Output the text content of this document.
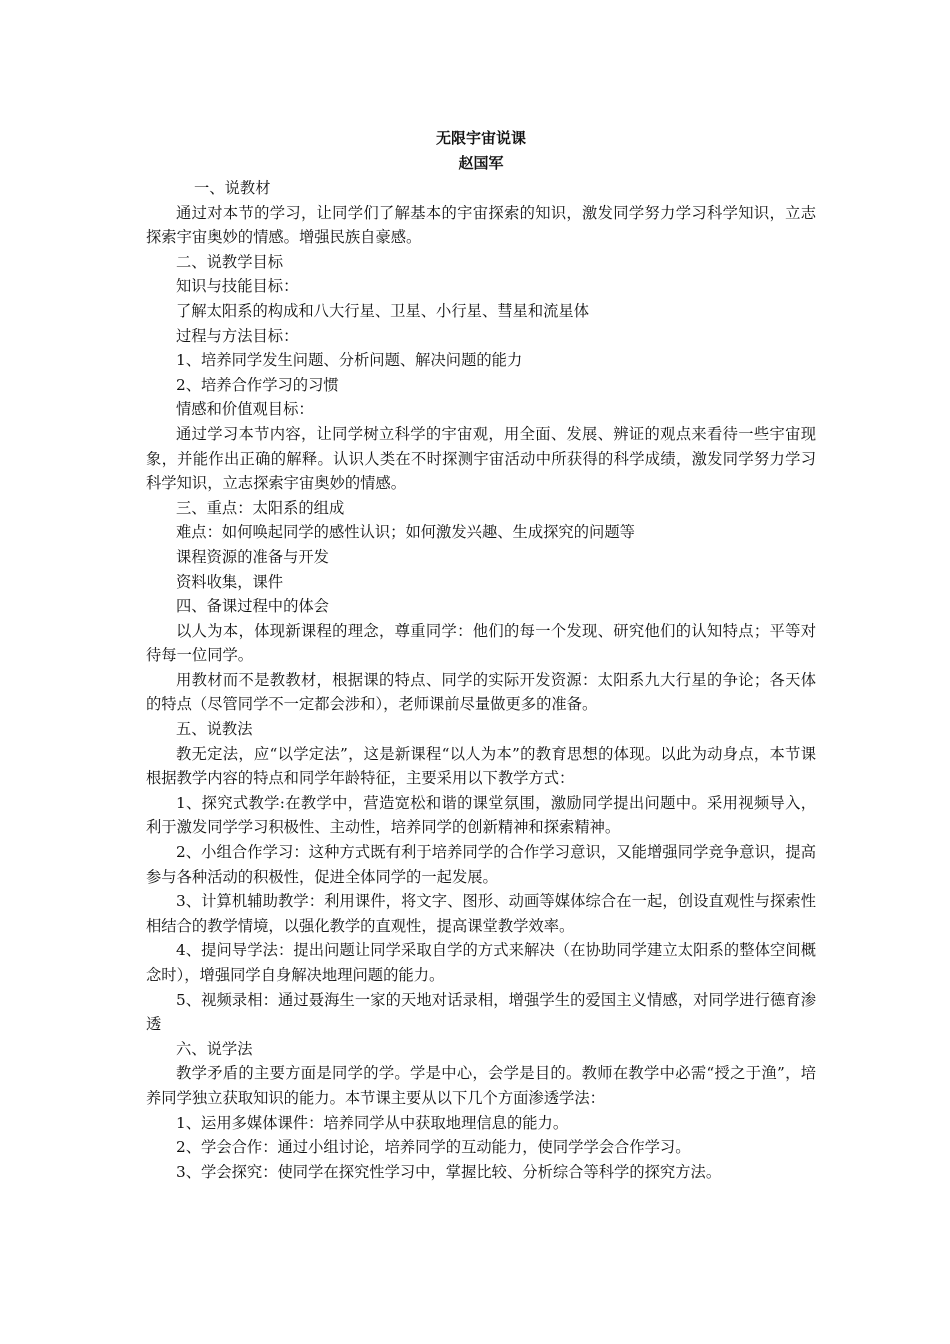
无限宇宙说课
赵国军

一、说教材

通过对本节的学习，让同学们了解基本的宇宙探索的知识，激发同学努力学习科学知识，立志探索宇宙奥妙的情感。增强民族自豪感。

二、说教学目标

知识与技能目标：

了解太阳系的构成和八大行星、卫星、小行星、彗星和流星体

过程与方法目标：

1、培养同学发生问题、分析问题、解决问题的能力

2、培养合作学习的习惯

情感和价值观目标：

通过学习本节内容，让同学树立科学的宇宙观，用全面、发展、辨证的观点来看待一些宇宙现象，并能作出正确的解释。认识人类在不时探测宇宙活动中所获得的科学成绩，激发同学努力学习科学知识，立志探索宇宙奥妙的情感。

三、重点：太阳系的组成

难点：如何唤起同学的感性认识；如何激发兴趣、生成探究的问题等

课程资源的准备与开发

资料收集，课件

四、备课过程中的体会

以人为本，体现新课程的理念，尊重同学：他们的每一个发现、研究他们的认知特点；平等对待每一位同学。

用教材而不是教教材，根据课的特点、同学的实际开发资源：太阳系九大行星的争论；各天体的特点（尽管同学不一定都会涉和），老师课前尽量做更多的准备。

五、说教法

教无定法，应“以学定法”，这是新课程“以人为本”的教育思想的体现。以此为动身点，本节课根据教学内容的特点和同学年龄特征，主要采用以下教学方式：

1、探究式教学:在教学中，营造宽松和谐的课堂氛围，激励同学提出问题中。采用视频导入，利于激发同学学习积极性、主动性，培养同学的创新精神和探索精神。

2、小组合作学习：这种方式既有利于培养同学的合作学习意识，又能增强同学竞争意识，提高参与各种活动的积极性，促进全体同学的一起发展。

3、计算机辅助教学：利用课件，将文字、图形、动画等媒体综合在一起，创设直观性与探索性相结合的教学情境，以强化教学的直观性，提高课堂教学效率。

4、提问导学法：提出问题让同学采取自学的方式来解决（在协助同学建立太阳系的整体空间概念时），增强同学自身解决地理问题的能力。

5、视频录相：通过聂海生一家的天地对话录相，增强学生的爱国主义情感，对同学进行德育渗透

六、说学法

教学矛盾的主要方面是同学的学。学是中心，会学是目的。教师在教学中必需“授之于渔”，培养同学独立获取知识的能力。本节课主要从以下几个方面渗透学法：

1、运用多媒体课件：培养同学从中获取地理信息的能力。

2、学会合作：通过小组讨论，培养同学的互动能力，使同学学会合作学习。

3、学会探究：使同学在探究性学习中，掌握比较、分析综合等科学的探究方法。
